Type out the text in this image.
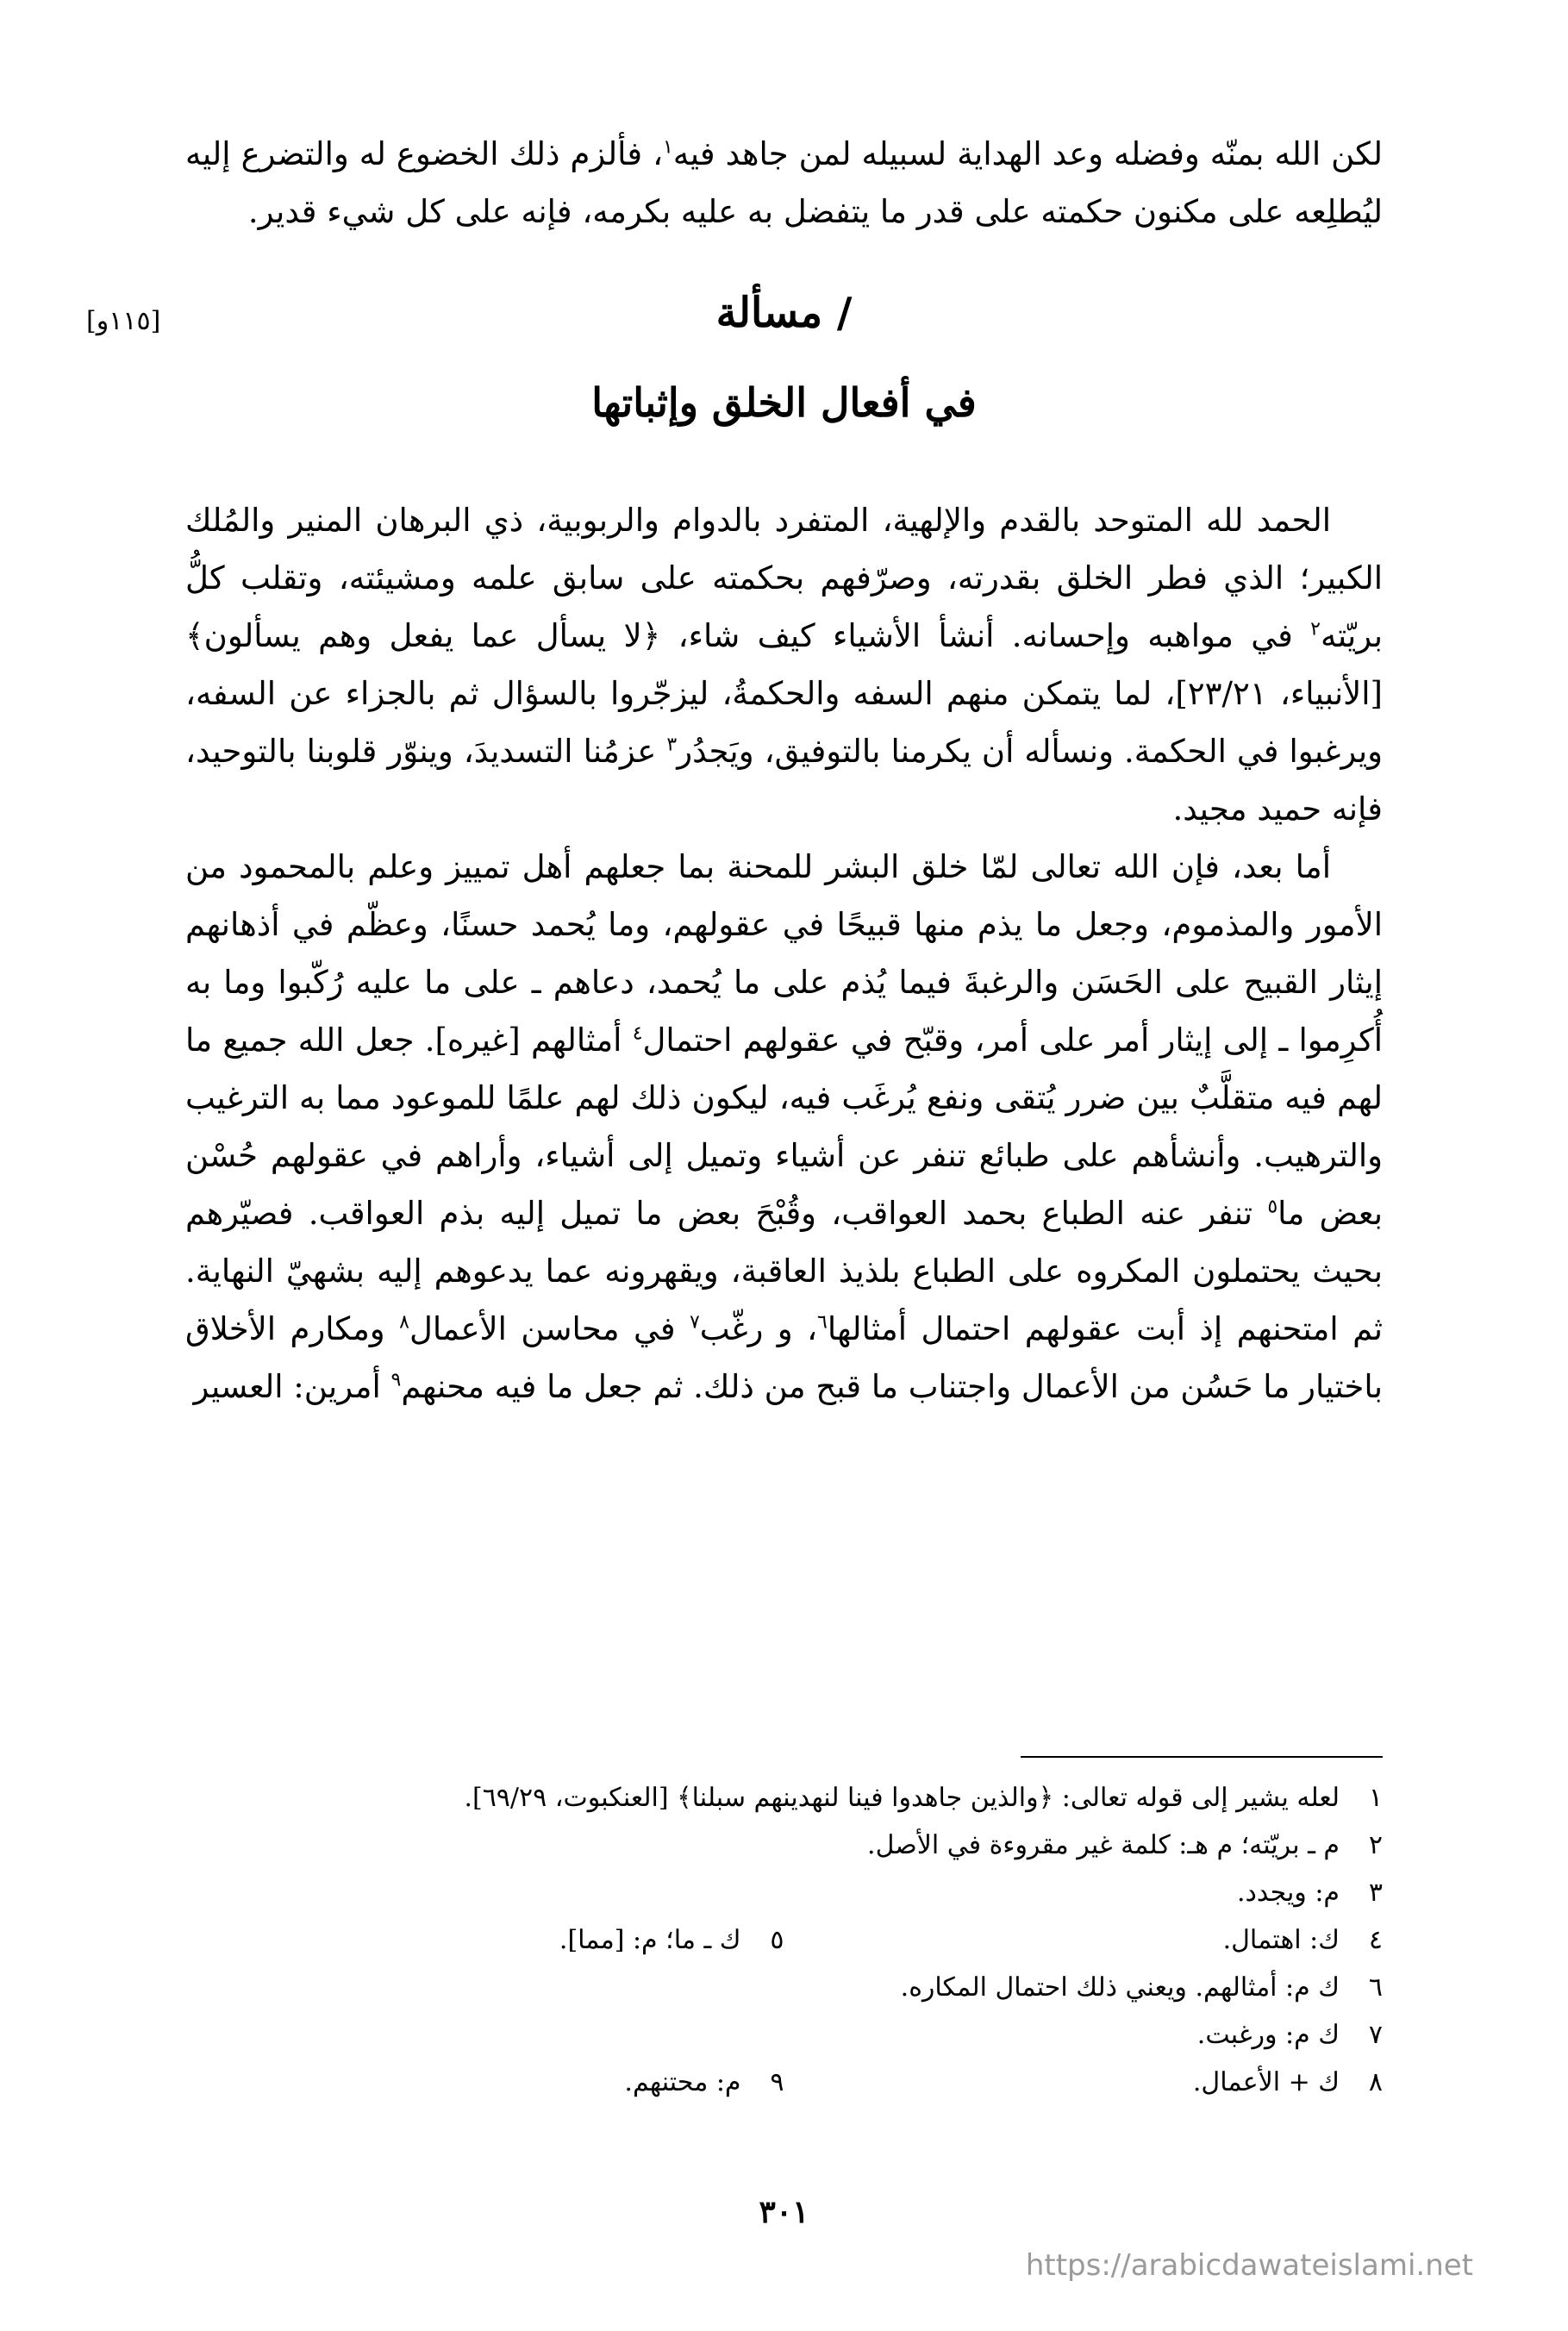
لكن الله بمنّه وفضله وعد الهداية لسبيله لمن جاهد فيه$^١$، فألزم ذلك الخضوع له والتضرع إليه ليُطلِعه على مكنون حكمته على قدر ما يتفضل به عليه بكرمه، فإنه على كل شيء قدير.
[١١٥و]	/ مسألة
في أفعال الخلق وإثباتها

الحمد لله المتوحد بالقدم والإلهية، المتفرد بالدوام والربوبية، ذي البرهان المنير والمُلك الكبير؛ الذي فطر الخلق بقدرته، وصرّفهم بحكمته على سابق علمه ومشيئته، وتقلب كلُّ بريّته$^٢$ في مواهبه وإحسانه. أنشأ الأشياء كيف شاء، ﴿لا يسأل عما يفعل وهم يسألون﴾ [الأنبياء، ٢٣/٢١]، لما يتمكن منهم السفه والحكمةُ، ليزجّروا بالسؤال ثم بالجزاء عن السفه، ويرغبوا في الحكمة. ونسأله أن يكرمنا بالتوفيق، ويَجدُر$^٣$ عزمُنا التسديدَ، وينوّر قلوبنا بالتوحيد، فإنه حميد مجيد.

أما بعد، فإن الله تعالى لمّا خلق البشر للمحنة بما جعلهم أهل تمييز وعلم بالمحمود من الأمور والمذموم، وجعل ما يذم منها قبيحًا في عقولهم، وما يُحمد حسنًا، وعظّم في أذهانهم إيثار القبيح على الحَسَن والرغبةَ فيما يُذم على ما يُحمد، دعاهم ـ على ما عليه رُكّبوا وما به أُكرِموا ـ إلى إيثار أمر على أمر، وقبّح في عقولهم احتمال$^٤$ أمثالهم [غيره]. جعل الله جميع ما لهم فيه متقلَّبٌ بين ضرر يُتقى ونفع يُرغَب فيه، ليكون ذلك لهم علمًا للموعود مما به الترغيب والترهيب. وأنشأهم على طبائع تنفر عن أشياء وتميل إلى أشياء، وأراهم في عقولهم حُسْن بعض ما$^٥$ تنفر عنه الطباع بحمد العواقب، وقُبْحَ بعض ما تميل إليه بذم العواقب. فصيّرهم بحيث يحتملون المكروه على الطباع بلذيذ العاقبة، ويقهرونه عما يدعوهم إليه بشهيّ النهاية. ثم امتحنهم إذ أبت عقولهم احتمال أمثالها$^٦$، و رغّب$^٧$ في محاسن الأعمال$^٨$ ومكارم الأخلاق باختيار ما حَسُن من الأعمال واجتناب ما قبح من ذلك. ثم جعل ما فيه محنهم$^٩$ أمرين: العسير

١
لعله يشير إلى قوله تعالى: ﴿والذين جاهدوا فينا لنهدينهم سبلنا﴾ [العنكبوت، ٦٩/٢٩].
٢
م ـ بريّته؛ م هـ: كلمة غير مقروءة في الأصل.
٣
م: ويجدد.
٤
ك: اهتمال.
٥
ك ـ ما؛ م: [مما].
٦
ك م: أمثالهم. ويعني ذلك احتمال المكاره.
٧
ك م: ورغبت.
٨
ك + الأعمال.
٩
م: محتنهم.
٣٠١
https://arabicdawateislami.net
